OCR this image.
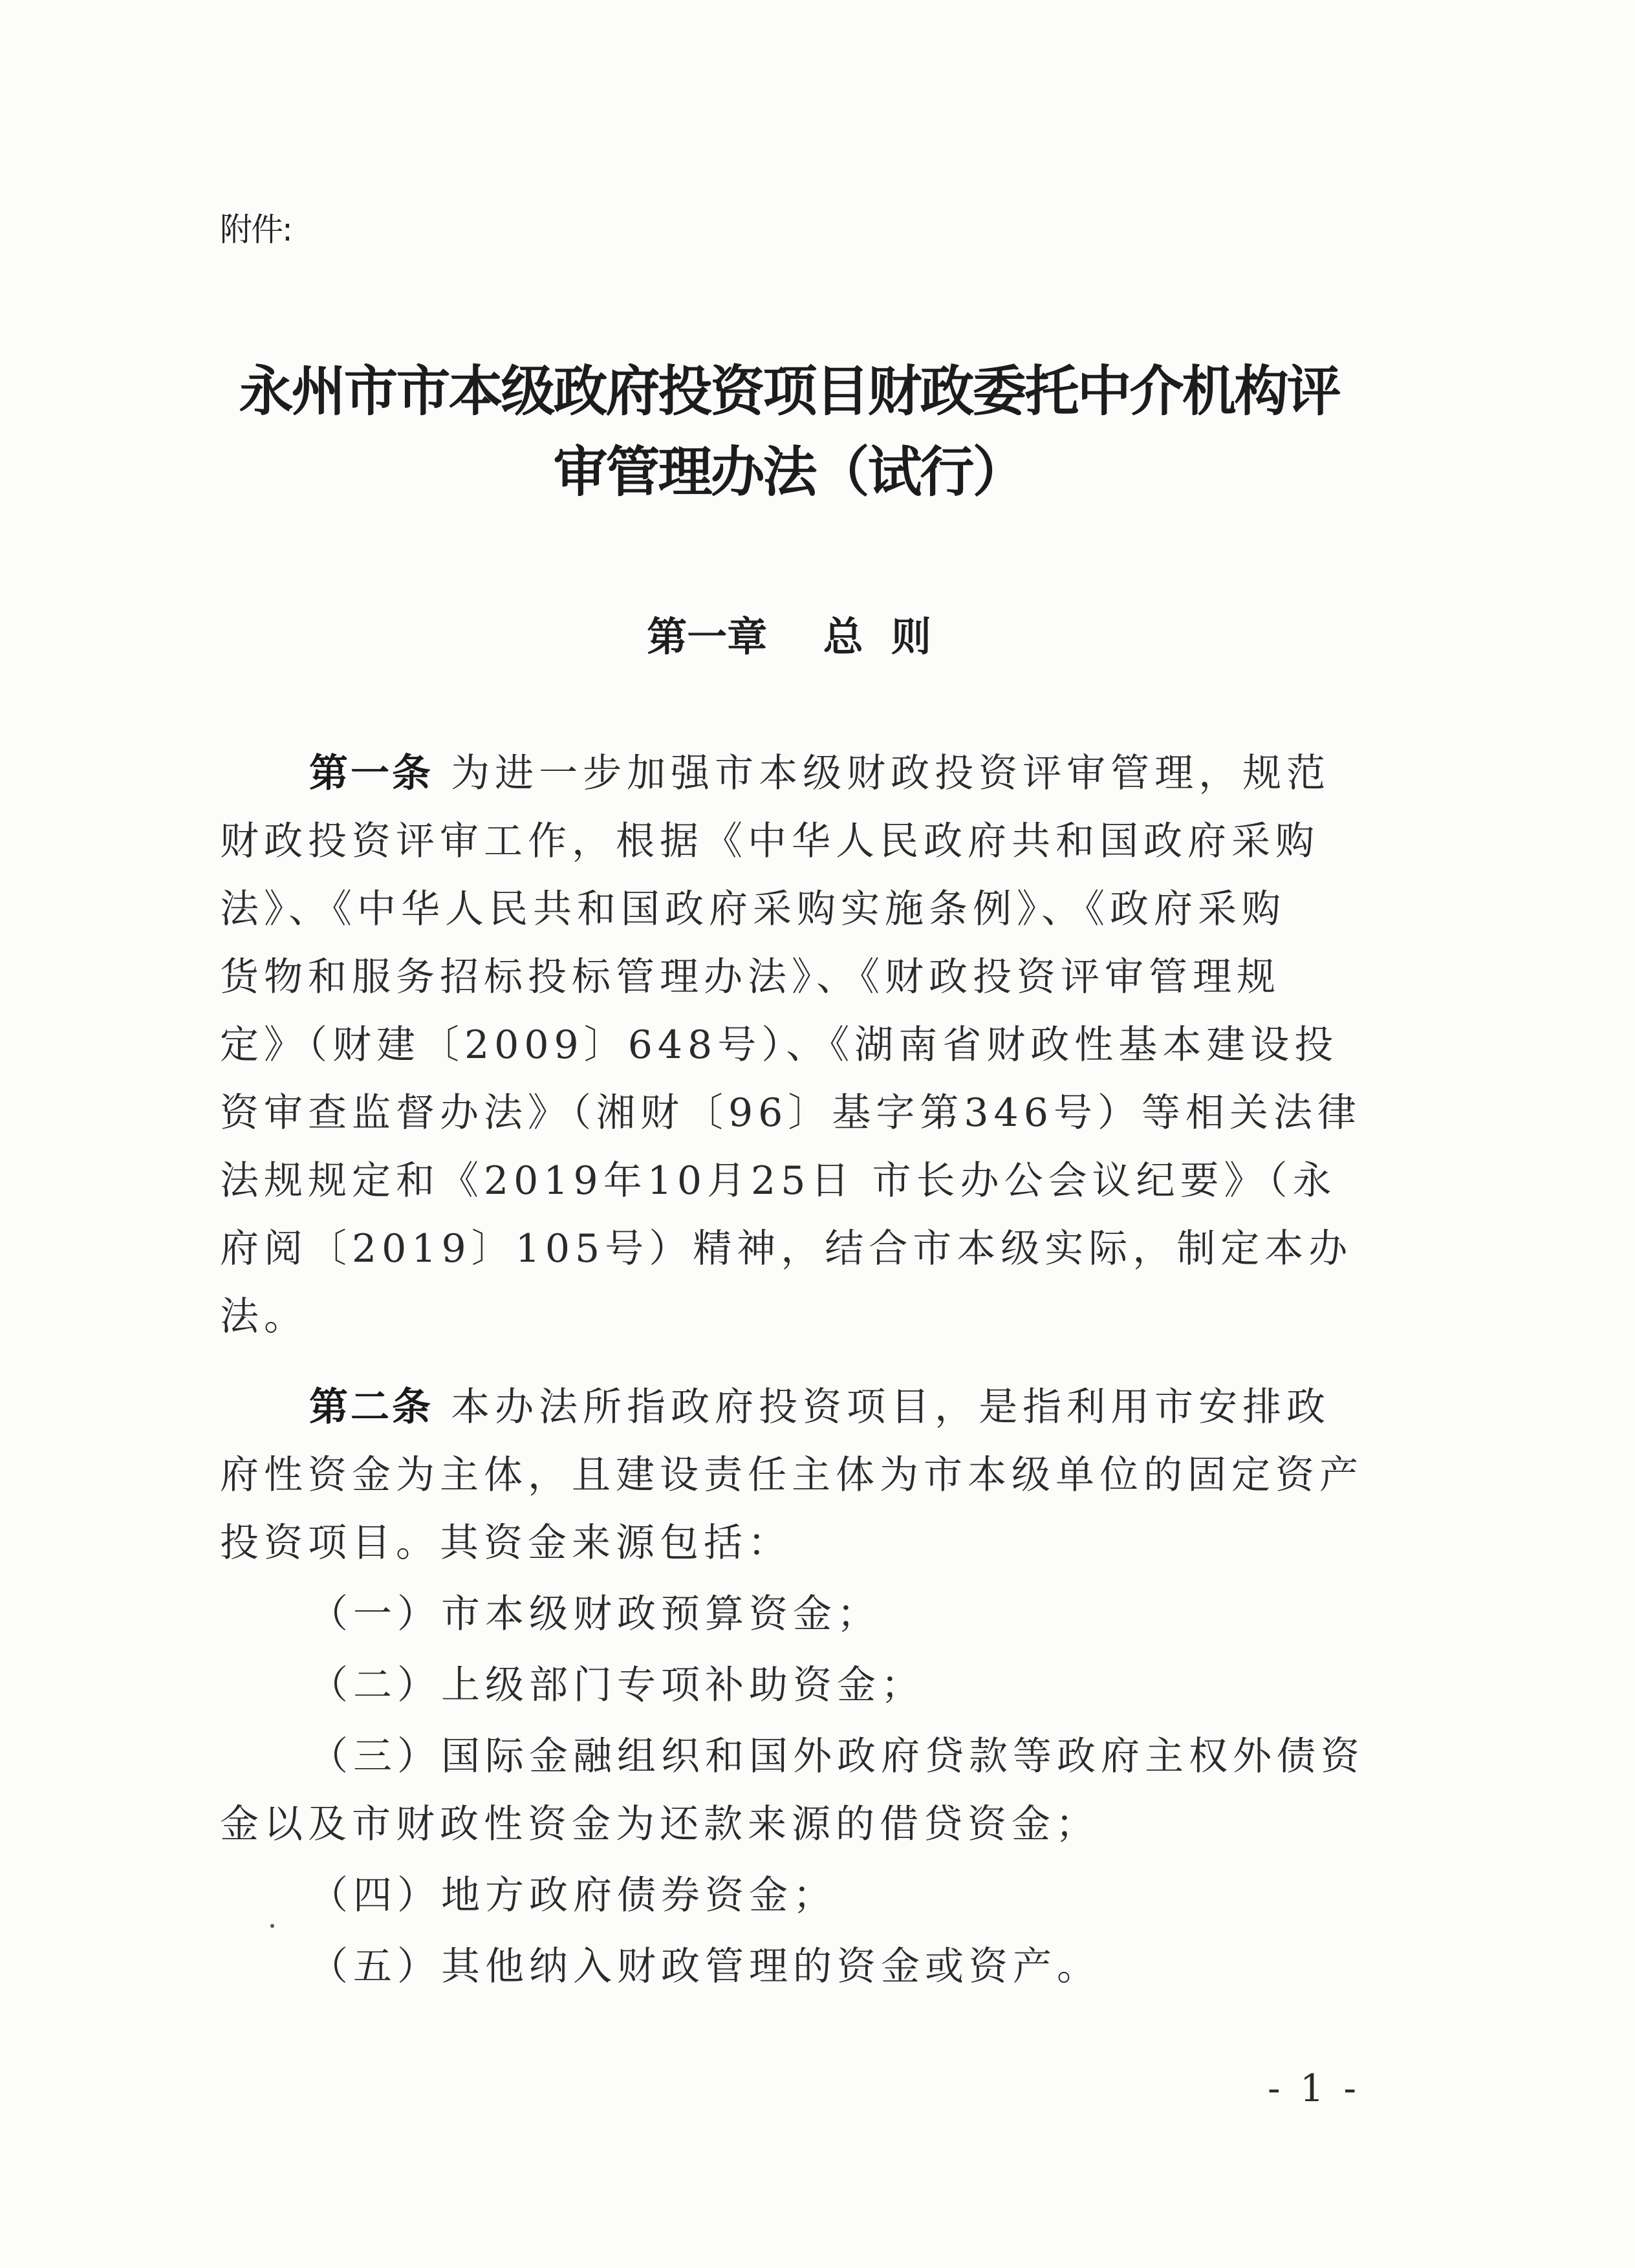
附件:
永州市市本级政府投资项目财政委托中介机构评
审管理办法（试行）
第一章    总  则
第一条 为进一步加强市本级财政投资评审管理，规范
财政投资评审工作，根据《中华人民政府共和国政府采购
法》、《中华人民共和国政府采购实施条例》、《政府采购
货物和服务招标投标管理办法》、《财政投资评审管理规
定》（财建〔2009〕648号）、《湖南省财政性基本建设投
资审查监督办法》（湘财〔96〕基字第346号）等相关法律
法规规定和《2019年10月25日 市长办公会议纪要》（永
府阅〔2019〕105号）精神，结合市本级实际，制定本办
法。
第二条 本办法所指政府投资项目，是指利用市安排政
府性资金为主体，且建设责任主体为市本级单位的固定资产
投资项目。其资金来源包括：
（一）市本级财政预算资金；
（二）上级部门专项补助资金；
（三）国际金融组织和国外政府贷款等政府主权外债资
金以及市财政性资金为还款来源的借贷资金；
（四）地方政府债券资金；
（五）其他纳入财政管理的资金或资产。
- 1 -
